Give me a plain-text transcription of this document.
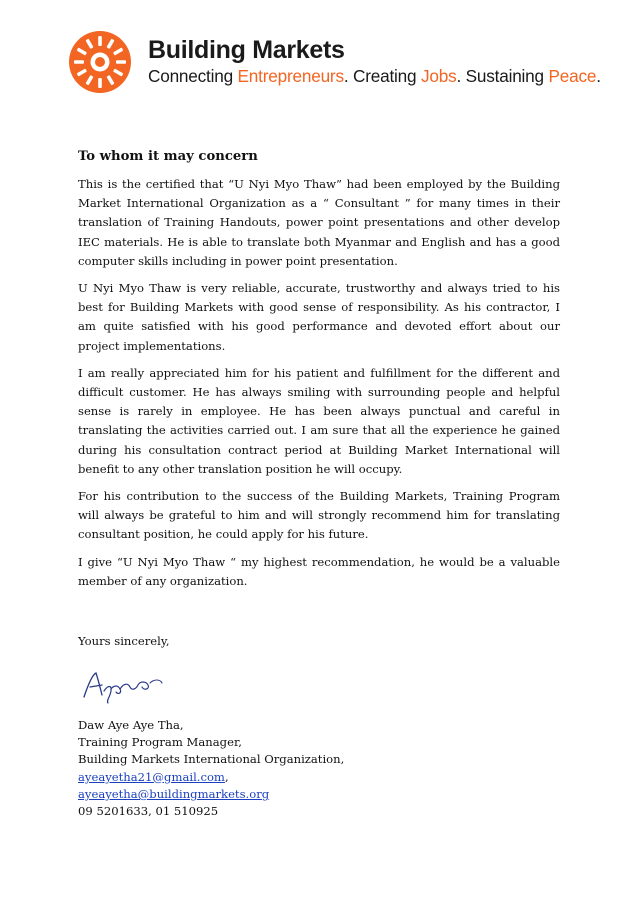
Building Markets
Connecting Entrepreneurs. Creating Jobs. Sustaining Peace.

To whom it may concern

This is the certified that “U Nyi Myo Thaw” had been employed by the Building Market International Organization as a “ Consultant ” for many times in their translation of Training Handouts, power point presentations and other develop IEC materials. He is able to translate both Myanmar and English and has a good computer skills including in power point presentation.

U Nyi Myo Thaw is very reliable, accurate, trustworthy and always tried to his best for Building Markets with good sense of responsibility. As his contractor, I am quite satisfied with his good performance and devoted effort about our project implementations.

I am really appreciated him for his patient and fulfillment for the different and difficult customer. He has always smiling with surrounding people and helpful sense is rarely in employee. He has been always punctual and careful in translating the activities carried out. I am sure that all the experience he gained during his consultation contract period at Building Market International will benefit to any other translation position he will occupy.

For his contribution to the success of the Building Markets, Training Program will always be grateful to him and will strongly recommend him for translating consultant position, he could apply for his future.

I give “U Nyi Myo Thaw “ my highest recommendation, he would be a valuable member of any organization.

Yours sincerely,

Daw Aye Aye Tha,
Training Program Manager,
Building Markets International Organization,
ayeayetha21@gmail.com,
ayeayetha@buildingmarkets.org
09 5201633, 01 510925
